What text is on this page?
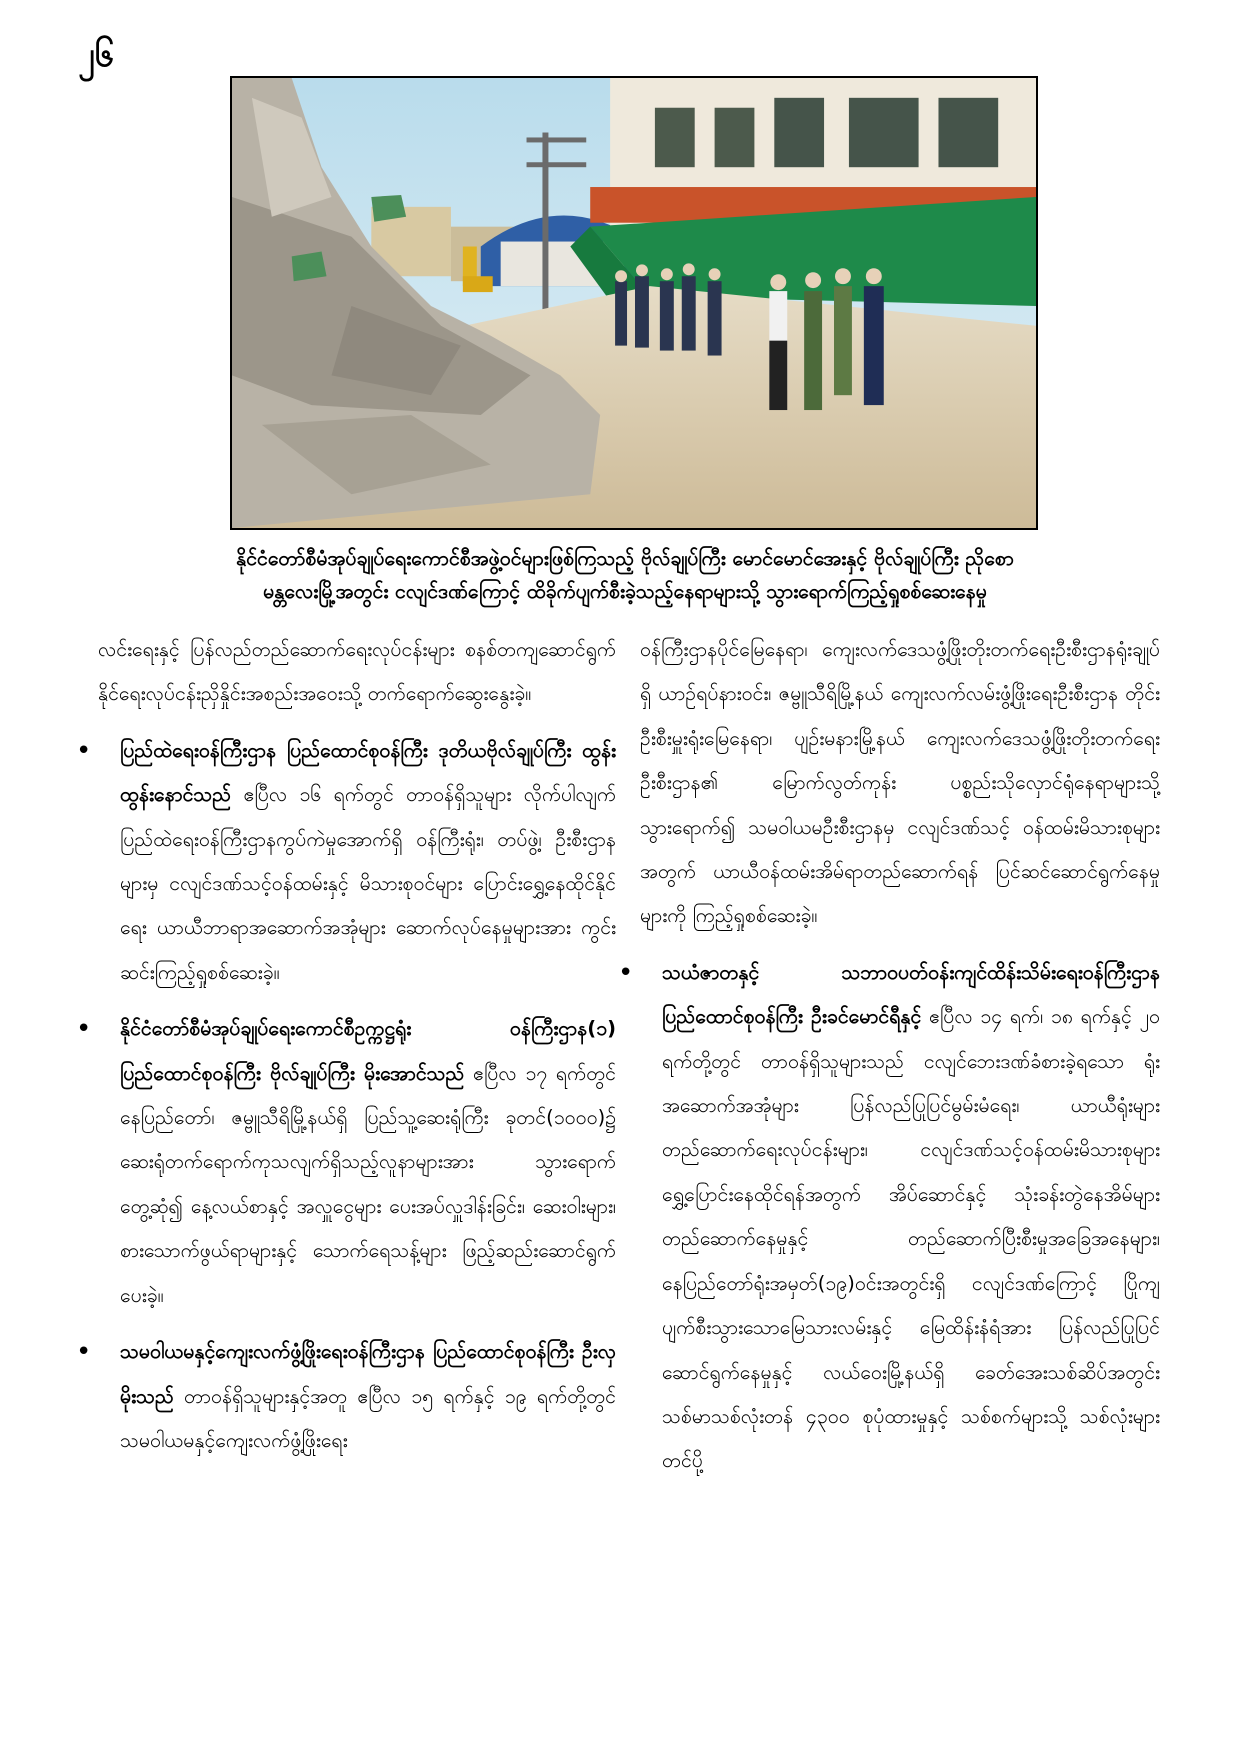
၂၆
နိုင်ငံတော်စီမံအုပ်ချုပ်ရေးကောင်စီအဖွဲ့ဝင်များဖြစ်ကြသည့် ဗိုလ်ချုပ်ကြီး မောင်မောင်အေးနှင့် ဗိုလ်ချုပ်ကြီး ညိုစော
မန္တလေးမြို့အတွင်း ငလျင်ဒဏ်ကြောင့် ထိခိုက်ပျက်စီးခဲ့သည့်နေရာများသို့ သွားရောက်ကြည့်ရှုစစ်ဆေးနေမှု

လင်းရေးနှင့် ပြန်လည်တည်ဆောက်ရေးလုပ်ငန်းများ စနစ်တကျဆောင်ရွက်နိုင်ရေးလုပ်ငန်းညှိနှိုင်းအစည်းအဝေးသို့ တက်ရောက်ဆွေးနွေးခဲ့။

• ပြည်ထဲရေးဝန်ကြီးဌာန ပြည်ထောင်စုဝန်ကြီး ဒုတိယဗိုလ်ချုပ်ကြီး ထွန်းထွန်းနောင်သည် ဧပြီလ ၁၆ ရက်တွင် တာဝန်ရှိသူများ လိုက်ပါလျက် ပြည်ထဲရေးဝန်ကြီးဌာနကွပ်ကဲမှုအောက်ရှိ ဝန်ကြီးရုံး၊ တပ်ဖွဲ့၊ ဦးစီးဌာနများမှ ငလျင်ဒဏ်သင့်ဝန်ထမ်းနှင့် မိသားစုဝင်များ ပြောင်းရွှေ့နေထိုင်နိုင်ရေး ယာယီဘာရာအဆောက်အအုံများ ဆောက်လုပ်နေမှုများအား ကွင်းဆင်းကြည့်ရှုစစ်ဆေးခဲ့။
• နိုင်ငံတော်စီမံအုပ်ချုပ်ရေးကောင်စီဥက္ကဋ္ဌရုံး ဝန်ကြီးဌာန(၁) ပြည်ထောင်စုဝန်ကြီး ဗိုလ်ချုပ်ကြီး မိုးအောင်သည် ဧပြီလ ၁၇ ရက်တွင် နေပြည်တော်၊ ဇမ္ဗူသီရိမြို့နယ်ရှိ ပြည်သူ့ဆေးရုံကြီး ခုတင်(၁၀၀၀)၌ ဆေးရုံတက်ရောက်ကုသလျက်ရှိသည့်လူနာများအား သွားရောက်တွေ့ဆုံ၍ နေ့လယ်စာနှင့် အလှူငွေများ ပေးအပ်လှူဒါန်းခြင်း၊ ဆေးဝါးများ၊ စားသောက်ဖွယ်ရာများနှင့် သောက်ရေသန့်များ ဖြည့်ဆည်းဆောင်ရွက်ပေးခဲ့။
• သမဝါယမနှင့်ကျေးလက်ဖွံ့ဖြိုးရေးဝန်ကြီးဌာန ပြည်ထောင်စုဝန်ကြီး ဦးလှမိုးသည် တာဝန်ရှိသူများနှင့်အတူ ဧပြီလ ၁၅ ရက်နှင့် ၁၉ ရက်တို့တွင် သမဝါယမနှင့်ကျေးလက်ဖွံ့ဖြိုးရေး

ဝန်ကြီးဌာနပိုင်မြေနေရာ၊ ကျေးလက်ဒေသဖွံ့ဖြိုးတိုးတက်ရေးဦးစီးဌာနရုံးချုပ်ရှိ ယာဉ်ရပ်နားဝင်း၊ ဇမ္ဗူသီရိမြို့နယ် ကျေးလက်လမ်းဖွံ့ဖြိုးရေးဦးစီးဌာန တိုင်းဦးစီးမှူးရုံးမြေနေရာ၊ ပျဉ်းမနားမြို့နယ် ကျေးလက်ဒေသဖွံ့ဖြိုးတိုးတက်ရေးဦးစီးဌာန၏ မြောက်လွတ်ကုန်း ပစ္စည်းသိုလှောင်ရုံနေရာများသို့ သွားရောက်၍ သမဝါယမဦးစီးဌာနမှ ငလျင်ဒဏ်သင့် ဝန်ထမ်းမိသားစုများအတွက် ယာယီဝန်ထမ်းအိမ်ရာတည်ဆောက်ရန် ပြင်ဆင်ဆောင်ရွက်နေမှုများကို ကြည့်ရှုစစ်ဆေးခဲ့။

• သယံဇာတနှင့် သဘာဝပတ်ဝန်းကျင်ထိန်းသိမ်းရေးဝန်ကြီးဌာန ပြည်ထောင်စုဝန်ကြီး ဦးခင်မောင်ရီနှင့် ဧပြီလ ၁၄ ရက်၊ ၁၈ ရက်နှင့် ၂၀ ရက်တို့တွင် တာဝန်ရှိသူများသည် ငလျင်ဘေးဒဏ်ခံစားခဲ့ရသော ရုံးအဆောက်အအုံများ ပြန်လည်ပြုပြင်မွမ်းမံရေး၊ ယာယီရုံးများ တည်ဆောက်ရေးလုပ်ငန်းများ၊ ငလျင်ဒဏ်သင့်ဝန်ထမ်းမိသားစုများ ရွှေ့ပြောင်းနေထိုင်ရန်အတွက် အိပ်ဆောင်နှင့် သုံးခန်းတွဲနေအိမ်များ တည်ဆောက်နေမှုနှင့် တည်ဆောက်ပြီးစီးမှုအခြေအနေများ၊ နေပြည်တော်ရုံးအမှတ်(၁၉)ဝင်းအတွင်းရှိ ငလျင်ဒဏ်ကြောင့် ပြိုကျပျက်စီးသွားသောမြေသားလမ်းနှင့် မြေထိန်းနံရံအား ပြန်လည်ပြုပြင်ဆောင်ရွက်နေမှုနှင့် လယ်ဝေးမြို့နယ်ရှိ ခေတ်အေးသစ်ဆိပ်အတွင်း သစ်မာသစ်လုံးတန် ၄၃၀၀ စုပုံထားမှုနှင့် သစ်စက်များသို့ သစ်လုံးများတင်ပို့
